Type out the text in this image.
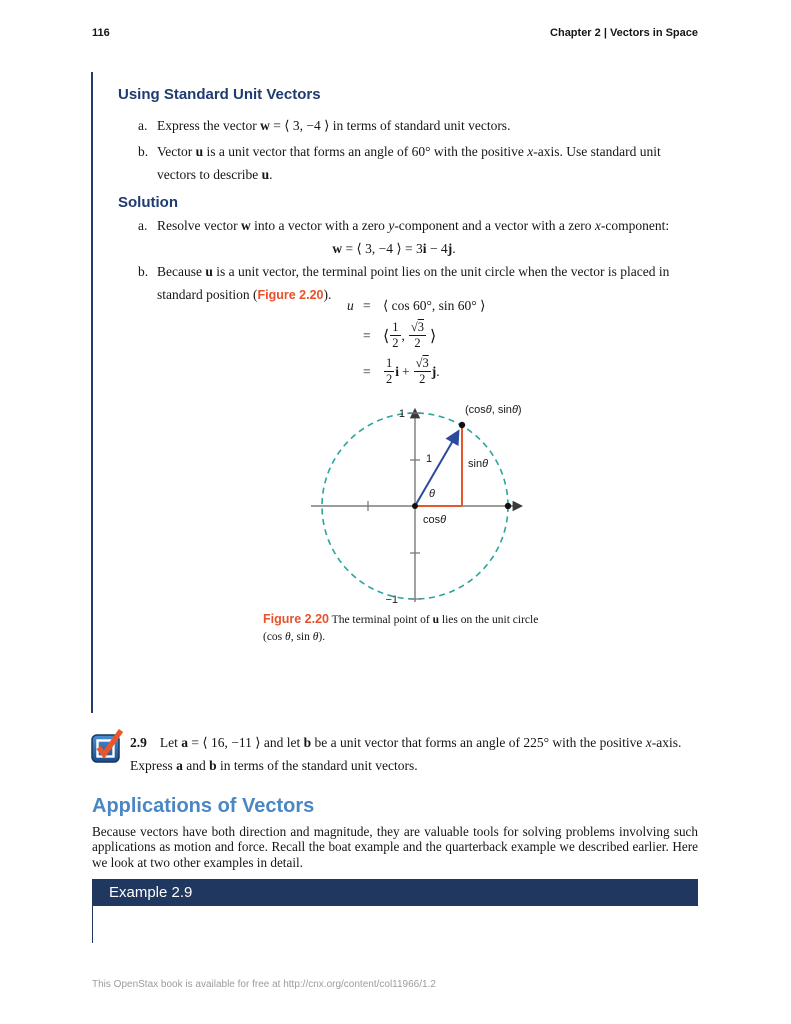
116	Chapter 2 | Vectors in Space
Using Standard Unit Vectors
a. Express the vector w = ⟨ 3, −4 ⟩ in terms of standard unit vectors.
b. Vector u is a unit vector that forms an angle of 60° with the positive x-axis. Use standard unit vectors to describe u.
Solution
a. Resolve vector w into a vector with a zero y-component and a vector with a zero x-component:
w = ⟨ 3, −4 ⟩ = 3i − 4j.
b. Because u is a unit vector, the terminal point lies on the unit circle when the vector is placed in standard position (Figure 2.20).
u = ⟨ cos 60°, sin 60° ⟩
= ⟨ $\frac{1}{2}$ , $\frac{√3}{2}$ ⟩
=	$\frac{1}{2}$ $i + \frac{√3}{2}$ j .
1
−1
(cosθ, sinθ)
1	sinθ
θ
cosθ
Figure 2.20 The terminal point of u lies on the unit circle (cos θ, sin θ).
2.9 Let a = ⟨ 16, −11 ⟩ and let b be a unit vector that forms an angle of 225° with the positive x-axis. Express a and b in terms of the standard unit vectors.
Applications of Vectors
Because vectors have both direction and magnitude, they are valuable tools for solving problems involving such applications as motion and force. Recall the boat example and the quarterback example we described earlier. Here we look at two other examples in detail.
Example 2.9
This OpenStax book is available for free at http://cnx.org/content/col11966/1.2
